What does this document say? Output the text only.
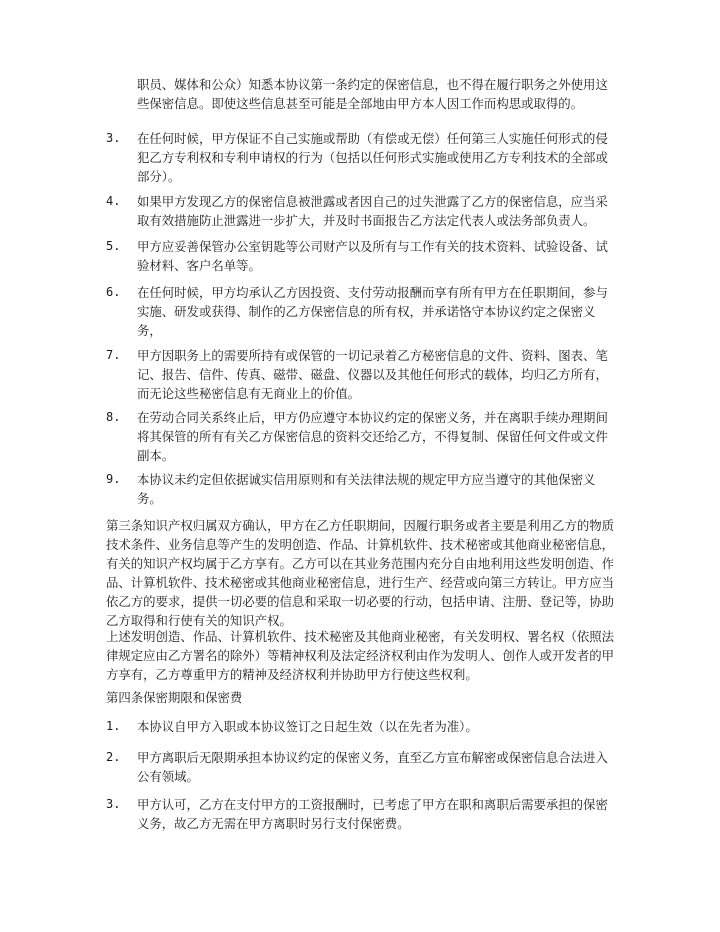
职员、媒体和公众）知悉本协议第一条约定的保密信息，也不得在履行职务之外使用这些保密信息。即使这些信息甚至可能是全部地由甲方本人因工作而构思或取得的。

3.	在任何时候，甲方保证不自己实施或帮助（有偿或无偿）任何第三人实施任何形式的侵犯乙方专利权和专利申请权的行为（包括以任何形式实施或使用乙方专利技术的全部或部分）。

4.	如果甲方发现乙方的保密信息被泄露或者因自己的过失泄露了乙方的保密信息，应当采取有效措施防止泄露进一步扩大，并及时书面报告乙方法定代表人或法务部负责人。

5.	甲方应妥善保管办公室钥匙等公司财产以及所有与工作有关的技术资料、试验设备、试验材料、客户名单等。

6.	在任何时候，甲方均承认乙方因投资、支付劳动报酬而享有所有甲方在任职期间，参与实施、研发或获得、制作的乙方保密信息的所有权，并承诺恪守本协议约定之保密义务，

7.	甲方因职务上的需要所持有或保管的一切记录着乙方秘密信息的文件、资料、图表、笔记、报告、信件、传真、磁带、磁盘、仪器以及其他任何形式的载体，均归乙方所有，而无论这些秘密信息有无商业上的价值。

8.	在劳动合同关系终止后，甲方仍应遵守本协议约定的保密义务，并在离职手续办理期间将其保管的所有有关乙方保密信息的资料交还给乙方，不得复制、保留任何文件或文件副本。

9.	本协议未约定但依据诚实信用原则和有关法律法规的规定甲方应当遵守的其他保密义务。

第三条知识产权归属双方确认，甲方在乙方任职期间，因履行职务或者主要是利用乙方的物质技术条件、业务信息等产生的发明创造、作品、计算机软件、技术秘密或其他商业秘密信息，有关的知识产权均属于乙方享有。乙方可以在其业务范围内充分自由地利用这些发明创造、作品、计算机软件、技术秘密或其他商业秘密信息，进行生产、经营或向第三方转让。甲方应当依乙方的要求，提供一切必要的信息和采取一切必要的行动，包括申请、注册、登记等，协助乙方取得和行使有关的知识产权。

上述发明创造、作品、计算机软件、技术秘密及其他商业秘密，有关发明权、署名权（依照法律规定应由乙方署名的除外）等精神权利及法定经济权利由作为发明人、创作人或开发者的甲方享有，乙方尊重甲方的精神及经济权利并协助甲方行使这些权利。

第四条保密期限和保密费

1.	本协议自甲方入职或本协议签订之日起生效（以在先者为准）。

2.	甲方离职后无限期承担本协议约定的保密义务，直至乙方宣布解密或保密信息合法进入公有领域。

3.	甲方认可，乙方在支付甲方的工资报酬时，已考虑了甲方在职和离职后需要承担的保密义务，故乙方无需在甲方离职时另行支付保密费。
